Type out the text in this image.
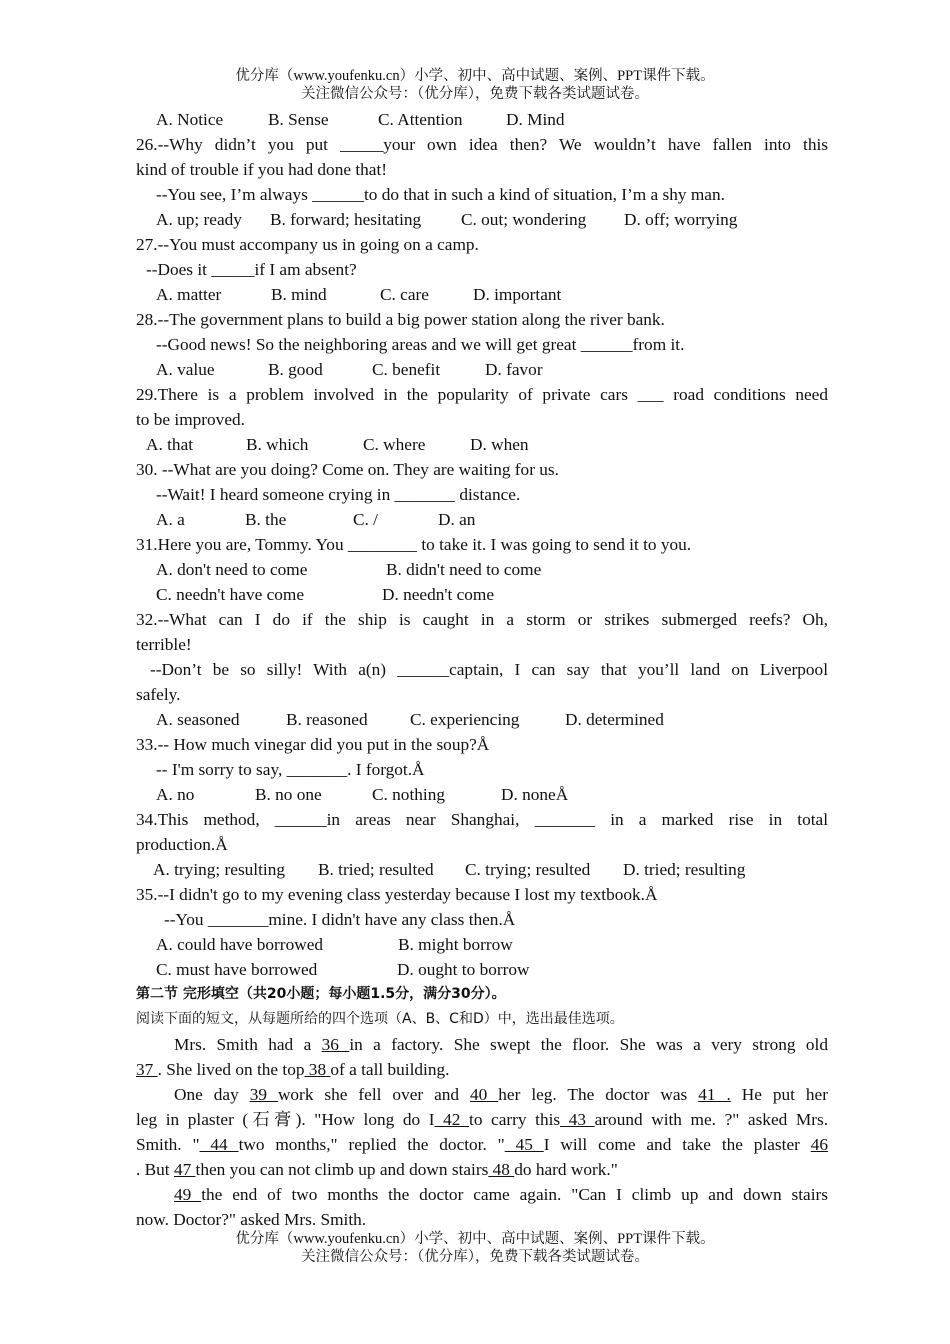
优分库（www.youfenku.cn）小学、初中、高中试题、案例、PPT课件下载。
关注微信公众号：（优分库），免费下载各类试题试卷。
A. Notice	B. Sense	C. Attention	D. Mind
26.--Why didn’t you put _____your own idea then? We wouldn’t have fallen into this
kind of trouble if you had done that!
--You see, I’m always ______to do that in such a kind of situation, I’m a shy man.
A. up; ready B. forward; hesitating C. out; wondering D. off; worrying
27.--You must accompany us in going on a camp.
--Does it _____if I am absent?
A. matter	B. mind	C. care	D. important
28.--The government plans to build a big power station along the river bank.
--Good news! So the neighboring areas and we will get great ______from it.
A. value	B. good	C. benefit	D. favor
29.There is a problem involved in the popularity of private cars ___ road conditions need
to be improved.
A. that	B. which	C. where	D. when
30. --What are you doing? Come on. They are waiting for us.
--Wait! I heard someone crying in _______ distance.
A. a	B. the	C. /	D. an
31.Here you are, Tommy. You ________ to take it. I was going to send it to you.
A. don't need to come	B. didn't need to come
C. needn't have come	D. needn't come
32.--What can I do if the ship is caught in a storm or strikes submerged reefs? Oh,
terrible!
--Don’t be so silly! With a(n) ______captain, I can say that you’ll land on Liverpool
safely.
A. seasoned	B. reasoned C. experiencing	D. determined
33.-- How much vinegar did you put in the soup?Å
-- I'm sorry to say, _______. I forgot.Å
A. no	B. no one	C. nothing	D. noneÅ
34.This method, ______in areas near Shanghai, _______ in a marked rise in total
production.Å
A. trying; resulting B. tried; resulted C. trying; resulted D. tried; resulting
35.--I didn't go to my evening class yesterday because I lost my textbook.Å
--You _______mine. I didn't have any class then.Å
A. could have borrowed	B. might borrow
C. must have borrowed	D. ought to borrow
第二节 完形填空（共20小题；每小题1.5分，满分30分）。
阅读下面的短文，从每题所给的四个选项（A、B、C和D）中，选出最佳选项。
Mrs. Smith had a 36 in a factory. She swept the floor. She was a very strong old
37 . She lived on the top 38 of a tall building.
One day 39 work she fell over and 40 her leg. The doctor was 41 . He put her
leg in plaster (石膏). "How long do I 42 to carry this 43 around with me. ?" asked Mrs.
Smith. " 44 two months," replied the doctor. " 45 I will come and take the plaster 46
. But 47 then you can not climb up and down stairs 48 do hard work."
49 the end of two months the doctor came again. "Can I climb up and down stairs
now. Doctor?" asked Mrs. Smith.
优分库（www.youfenku.cn）小学、初中、高中试题、案例、PPT课件下载。
关注微信公众号：（优分库），免费下载各类试题试卷。
